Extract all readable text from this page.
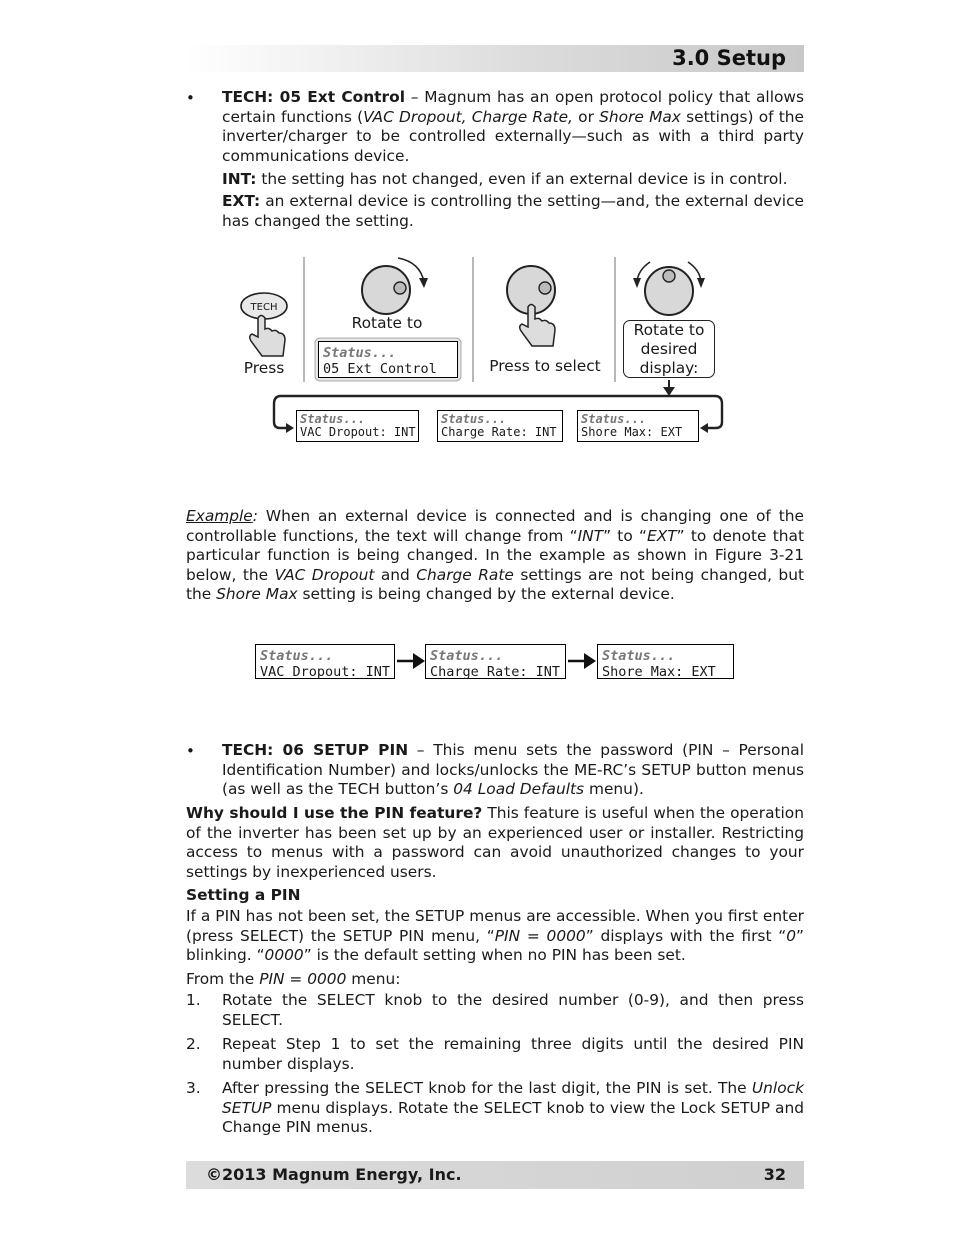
3.0 Setup
• TECH: 05 Ext Control – Magnum has an open protocol policy that allows certain functions (VAC Dropout, Charge Rate, or Shore Max settings) of the inverter/charger to be controlled externally—such as with a third party communications device.

INT: the setting has not changed, even if an external device is in control.

EXT: an external device is controlling the setting—and, the external device has changed the setting.

TECH
Press
Rotate to
Status...
05 Ext Control	Press to select
Rotate to
desired
display:
Status...
VAC Dropout: INT
Status...
Charge Rate: INT
Status...
Shore Max: EXT

Example: When an external device is connected and is changing one of the controllable functions, the text will change from “INT” to “EXT” to denote that particular function is being changed. In the example as shown in Figure 3-21 below, the VAC Dropout and Charge Rate settings are not being changed, but the Shore Max setting is being changed by the external device.

Status...
VAC Dropout: INT
Status...
Charge Rate: INT
Status...
Shore Max: EXT
• TECH: 06 SETUP PIN – This menu sets the password (PIN – Personal Identification Number) and locks/unlocks the ME-RC’s SETUP button menus (as well as the TECH button’s 04 Load Defaults menu).

Why should I use the PIN feature? This feature is useful when the operation of the inverter has been set up by an experienced user or installer. Restricting access to menus with a password can avoid unauthorized changes to your settings by inexperienced users.

Setting a PIN

If a PIN has not been set, the SETUP menus are accessible. When you first enter (press SELECT) the SETUP PIN menu, “PIN = 0000” displays with the first “0” blinking. “0000” is the default setting when no PIN has been set.

From the PIN = 0000 menu:

1. Rotate the SELECT knob to the desired number (0-9), and then press SELECT.

2. Repeat Step 1 to set the remaining three digits until the desired PIN number displays.

3. After pressing the SELECT knob for the last digit, the PIN is set. The Unlock SETUP menu displays. Rotate the SELECT knob to view the Lock SETUP and Change PIN menus.

©2013 Magnum Energy, Inc.	32
